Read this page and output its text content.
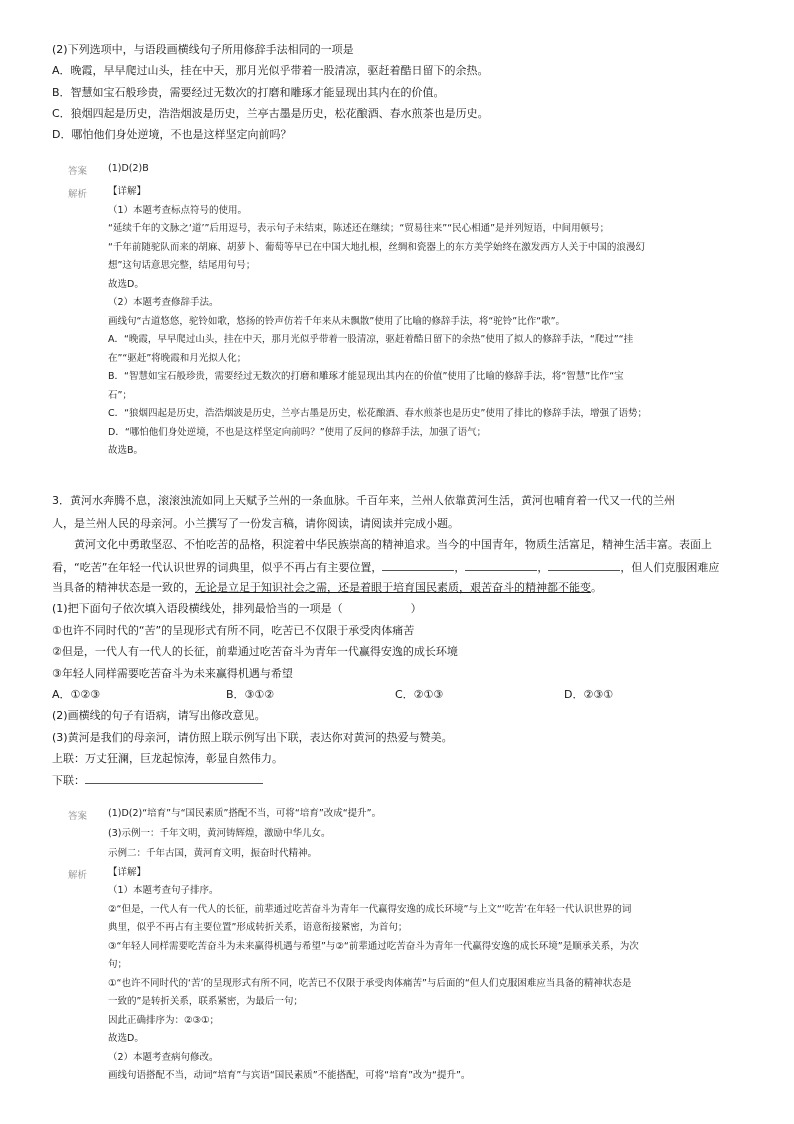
(2)下列选项中，与语段画横线句子所用修辞手法相同的一项是
A．晚霞，早早爬过山头，挂在中天，那月光似乎带着一股清凉，驱赶着酷日留下的余热。
B．智慧如宝石般珍贵，需要经过无数次的打磨和雕琢才能显现出其内在的价值。
C．狼烟四起是历史，浩浩烟波是历史，兰亭古墨是历史，松花酿酒、春水煎茶也是历史。
D．哪怕他们身处逆境，不也是这样坚定向前吗？
答案 (1)D(2)B
解析 【详解】
（1）本题考查标点符号的使用。
“延续千年的文脉之‘道’”后用逗号，表示句子未结束，陈述还在继续；“贸易往来”“民心相通”是并列短语，中间用顿号；
“千年前随驼队而来的胡麻、胡萝卜、葡萄等早已在中国大地扎根，丝绸和瓷器上的东方美学始终在激发西方人关于中国的浪漫幻
想”这句话意思完整，结尾用句号；
故选D。
（2）本题考查修辞手法。
画线句“古道悠悠，驼铃如歌，悠扬的铃声仿若千年来从未飘散”使用了比喻的修辞手法，将“驼铃”比作“歌”。
A．“晚霞，早早爬过山头，挂在中天，那月光似乎带着一股清凉，驱赶着酷日留下的余热”使用了拟人的修辞手法，“爬过”“挂
在”“驱赶”将晚霞和月光拟人化；
B．“智慧如宝石般珍贵，需要经过无数次的打磨和雕琢才能显现出其内在的价值”使用了比喻的修辞手法，将“智慧”比作“宝
石”；
C．“狼烟四起是历史，浩浩烟波是历史，兰亭古墨是历史，松花酿酒、春水煎茶也是历史”使用了排比的修辞手法，增强了语势；
D．“哪怕他们身处逆境，不也是这样坚定向前吗？”使用了反问的修辞手法，加强了语气；
故选B。
3．黄河水奔腾不息，滚滚浊流如同上天赋予兰州的一条血脉。千百年来，兰州人依靠黄河生活，黄河也哺育着一代又一代的兰州
人，是兰州人民的母亲河。小兰撰写了一份发言稿，请你阅读，请阅读并完成小题。
黄河文化中勇敢坚忍、不怕吃苦的品格，积淀着中华民族崇高的精神追求。当今的中国青年，物质生活富足，精神生活丰富。表面上
看，“吃苦”在年轻一代认识世界的词典里，似乎不再占有主要位置，	，	，	，但人们克服困难应
当具备的精神状态是一致的，无论是立足于知识社会之需，还是着眼于培育国民素质，艰苦奋斗的精神都不能变。
(1)把下面句子依次填入语段横线处，排列最恰当的一项是（	）
①也许不同时代的“苦”的呈现形式有所不同，吃苦已不仅限于承受肉体痛苦
②但是，一代人有一代人的长征，前辈通过吃苦奋斗为青年一代赢得安逸的成长环境
③年轻人同样需要吃苦奋斗为未来赢得机遇与希望
A．①②③	B．③①②	C．②①③	D．②③①
(2)画横线的句子有语病，请写出修改意见。
(3)黄河是我们的母亲河，请仿照上联示例写出下联，表达你对黄河的热爱与赞美。
上联：万丈狂澜，巨龙起惊涛，彰显自然伟力。
下联：
答案 (1)D(2)“培育”与“国民素质”搭配不当，可将“培育”改成“提升”。
(3)示例一：千年文明，黄河铸辉煌，激励中华儿女。
示例二：千年古国，黄河育文明，振奋时代精神。
解析 【详解】
（1）本题考查句子排序。
②“但是，一代人有一代人的长征，前辈通过吃苦奋斗为青年一代赢得安逸的成长环境”与上文“‘吃苦’在年轻一代认识世界的词
典里，似乎不再占有主要位置”形成转折关系，语意衔接紧密，为首句；
③“年轻人同样需要吃苦奋斗为未来赢得机遇与希望”与②“前辈通过吃苦奋斗为青年一代赢得安逸的成长环境”是顺承关系，为次
句；
①“也许不同时代的‘苦’的呈现形式有所不同，吃苦已不仅限于承受肉体痛苦”与后面的“但人们克服困难应当具备的精神状态是
一致的”是转折关系，联系紧密，为最后一句；
因此正确排序为：②③①；
故选D。
（2）本题考查病句修改。
画线句语搭配不当，动词“培育”与宾语“国民素质”不能搭配，可将“培育”改为“提升”。
